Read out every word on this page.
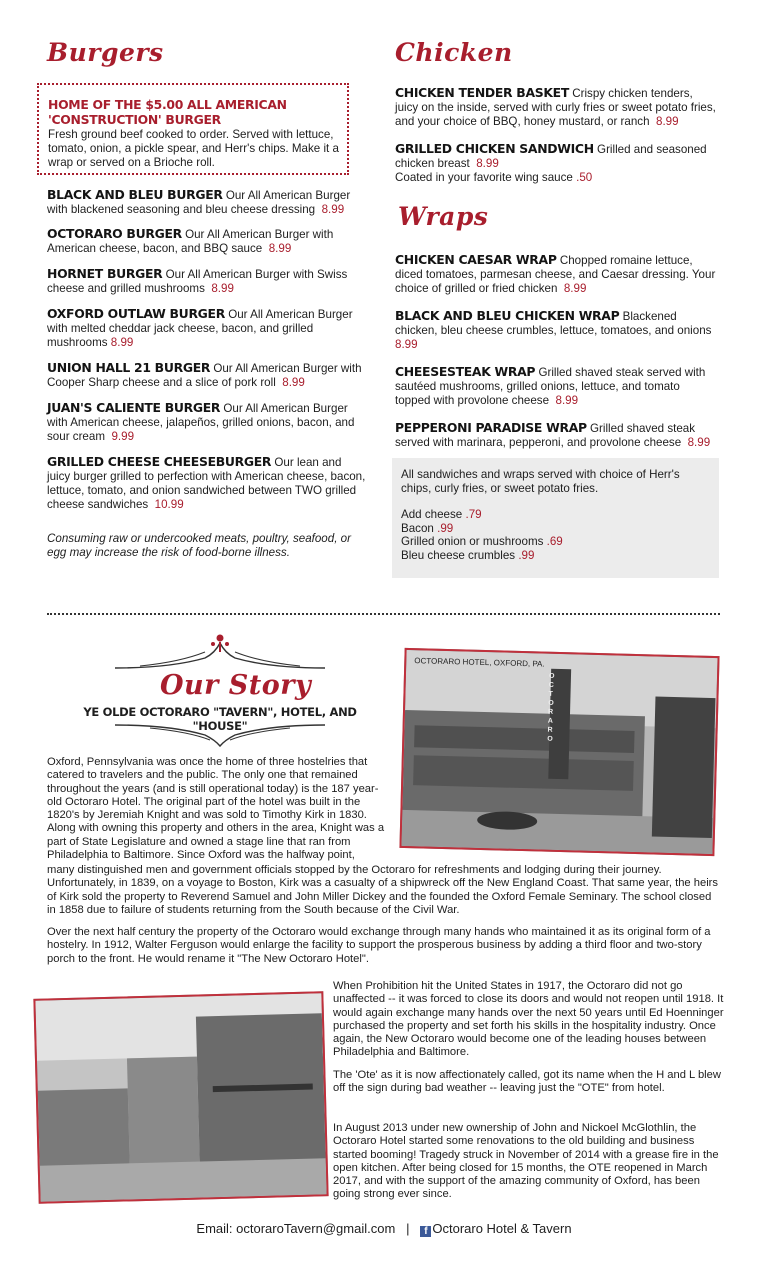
Burgers

HOME OF THE $5.00 ALL AMERICAN 'CONSTRUCTION' BURGER
Fresh ground beef cooked to order. Served with lettuce, tomato, onion, a pickle spear, and Herr's chips. Make it a wrap or served on a Brioche roll.

BLACK AND BLEU BURGER Our All American Burger with blackened seasoning and bleu cheese dressing 8.99

OCTORARO BURGER Our All American Burger with American cheese, bacon, and BBQ sauce 8.99

HORNET BURGER Our All American Burger with Swiss cheese and grilled mushrooms 8.99

OXFORD OUTLAW BURGER Our All American Burger with melted cheddar jack cheese, bacon, and grilled mushrooms 8.99

UNION HALL 21 BURGER Our All American Burger with Cooper Sharp cheese and a slice of pork roll 8.99

JUAN'S CALIENTE BURGER Our All American Burger with American cheese, jalapeños, grilled onions, bacon, and sour cream 9.99

GRILLED CHEESE CHEESEBURGER Our lean and juicy burger grilled to perfection with American cheese, bacon, lettuce, tomato, and onion sandwiched between TWO grilled cheese sandwiches 10.99

Consuming raw or undercooked meats, poultry, seafood, or egg may increase the risk of food-borne illness.

Chicken

CHICKEN TENDER BASKET Crispy chicken tenders, juicy on the inside, served with curly fries or sweet potato fries, and your choice of BBQ, honey mustard, or ranch 8.99

GRILLED CHICKEN SANDWICH Grilled and seasoned chicken breast 8.99
Coated in your favorite wing sauce .50

Wraps

CHICKEN CAESAR WRAP Chopped romaine lettuce, diced tomatoes, parmesan cheese, and Caesar dressing. Your choice of grilled or fried chicken 8.99

BLACK AND BLEU CHICKEN WRAP Blackened chicken, bleu cheese crumbles, lettuce, tomatoes, and onions 8.99

CHEESESTEAK WRAP Grilled shaved steak served with sautéed mushrooms, grilled onions, lettuce, and tomato topped with provolone cheese 8.99

PEPPERONI PARADISE WRAP Grilled shaved steak served with marinara, pepperoni, and provolone cheese 8.99

All sandwiches and wraps served with choice of Herr's chips, curly fries, or sweet potato fries.

Add cheese .79

Bacon .99

Grilled onion or mushrooms .69

Bleu cheese crumbles .99

Our Story
YE OLDE OCTORARO "TAVERN", HOTEL, AND "HOUSE"
OCTORARO HOTEL, OXFORD, PA.
OCTORARO

Oxford, Pennsylvania was once the home of three hostelries that catered to travelers and the public. The only one that remained throughout the years (and is still operational today) is the 187 year-old Octoraro Hotel. The original part of the hotel was built in the 1820's by Jeremiah Knight and was sold to Timothy Kirk in 1830. Along with owning this property and others in the area, Knight was a part of State Legislature and owned a stage line that ran from Philadelphia to Baltimore. Since Oxford was the halfway point,

many distinguished men and government officials stopped by the Octoraro for refreshments and lodging during their journey. Unfortunately, in 1839, on a voyage to Boston, Kirk was a casualty of a shipwreck off the New England Coast. That same year, the heirs of Kirk sold the property to Reverend Samuel and John Miller Dickey and the founded the Oxford Female Seminary. The school closed in 1858 due to failure of students returning from the South because of the Civil War.

Over the next half century the property of the Octoraro would exchange through many hands who maintained it as its original form of a hostelry. In 1912, Walter Ferguson would enlarge the facility to support the prosperous business by adding a third floor and two-story porch to the front. He would rename it "The New Octoraro Hotel".

When Prohibition hit the United States in 1917, the Octoraro did not go unaffected -- it was forced to close its doors and would not reopen until 1918. It would again exchange many hands over the next 50 years until Ed Hoenninger purchased the property and set forth his skills in the hospitality industry. Once again, the New Octoraro would become one of the leading houses between Philadelphia and Baltimore.

The 'Ote' as it is now affectionately called, got its name when the H and L blew off the sign during bad weather -- leaving just the "OTE" from hotel.

In August 2013 under new ownership of John and Nickoel McGlothlin, the Octoraro Hotel started some renovations to the old building and business started booming! Tragedy struck in November of 2014 with a grease fire in the open kitchen. After being closed for 15 months, the OTE reopened in March 2017, and with the support of the amazing community of Oxford, has been going strong ever since.

Email: octoraroTavern@gmail.com | f Octoraro Hotel & Tavern
